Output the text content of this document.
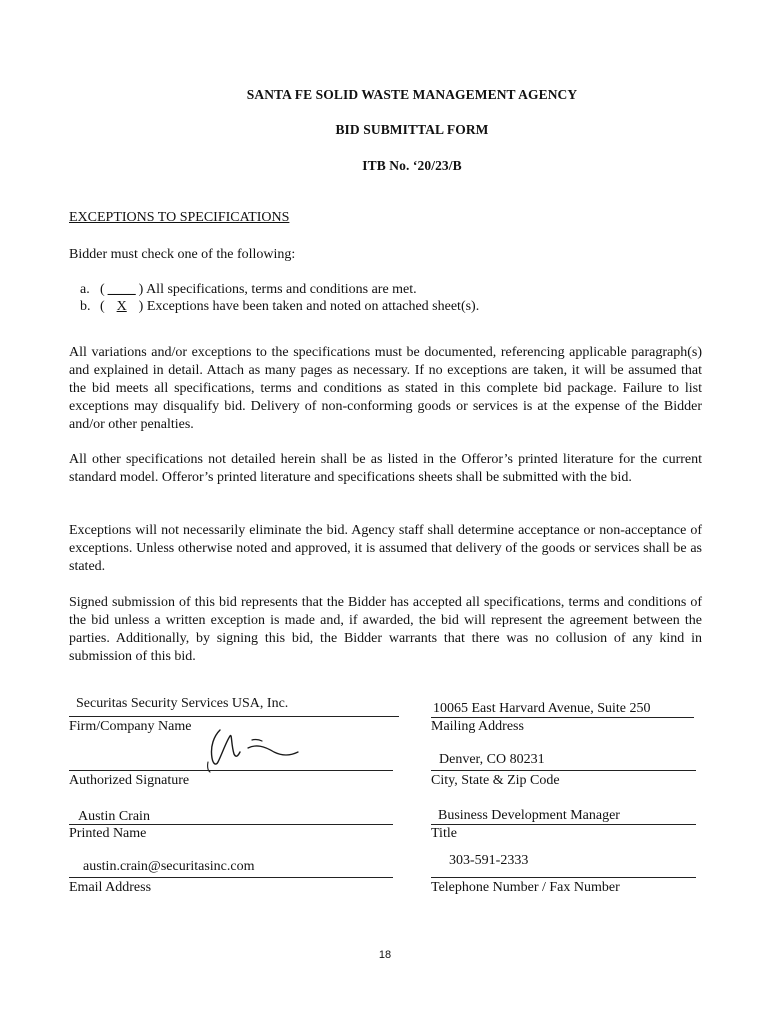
SANTA FE SOLID WASTE MANAGEMENT AGENCY
BID SUBMITTAL FORM
ITB No. ‘20/23/B
EXCEPTIONS TO SPECIFICATIONS
Bidder must check one of the following:
a. ( ____ ) All specifications, terms and conditions are met.
b. ( X ) Exceptions have been taken and noted on attached sheet(s).

All variations and/or exceptions to the specifications must be documented, referencing applicable paragraph(s) and explained in detail. Attach as many pages as necessary. If no exceptions are taken, it will be assumed that the bid meets all specifications, terms and conditions as stated in this complete bid package. Failure to list exceptions may disqualify bid. Delivery of non-conforming goods or services is at the expense of the Bidder and/or other penalties.

All other specifications not detailed herein shall be as listed in the Offeror’s printed literature for the current standard model. Offeror’s printed literature and specifications sheets shall be submitted with the bid.

Exceptions will not necessarily eliminate the bid. Agency staff shall determine acceptance or non-acceptance of exceptions. Unless otherwise noted and approved, it is assumed that delivery of the goods or services shall be as stated.

Signed submission of this bid represents that the Bidder has accepted all specifications, terms and conditions of the bid unless a written exception is made and, if awarded, the bid will represent the agreement between the parties. Additionally, by signing this bid, the Bidder warrants that there was no collusion of any kind in submission of this bid.

Securitas Security Services USA, Inc.
Firm/Company Name
10065 East Harvard Avenue, Suite 250
Mailing Address
Authorized Signature
Denver, CO 80231
City, State & Zip Code
Austin Crain
Printed Name
Business Development Manager
Title
austin.crain@securitasinc.com
Email Address
303-591-2333
Telephone Number / Fax Number
18
